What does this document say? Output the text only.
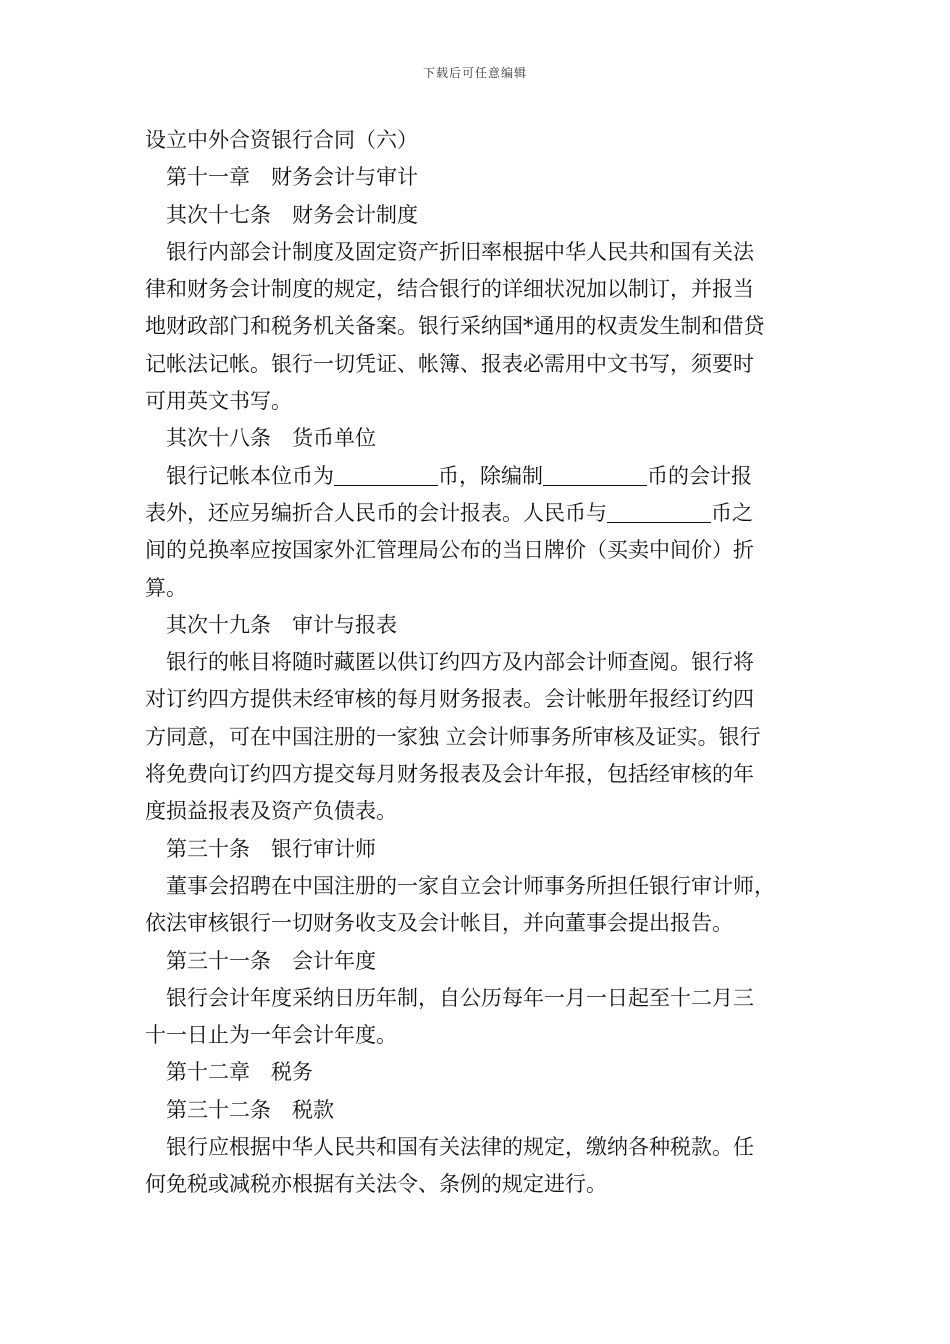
下载后可任意编辑
设立中外合资银行合同（六）
第十一章　财务会计与审计
其次十七条　财务会计制度
银行内部会计制度及固定资产折旧率根据中华人民共和国有关法
律和财务会计制度的规定，结合银行的详细状况加以制订，并报当
地财政部门和税务机关备案。银行采纳国*通用的权责发生制和借贷
记帐法记帐。银行一切凭证、帐簿、报表必需用中文书写，须要时
可用英文书写。
其次十八条　货币单位
银行记帐本位币为	币，除编制	币的会计报
表外，还应另编折合人民币的会计报表。人民币与	币之
间的兑换率应按国家外汇管理局公布的当日牌价（买卖中间价）折
算。
其次十九条　审计与报表
银行的帐目将随时藏匿以供订约四方及内部会计师查阅。银行将
对订约四方提供未经审核的每月财务报表。会计帐册年报经订约四
方同意，可在中国注册的一家独 立会计师事务所审核及证实。银行
将免费向订约四方提交每月财务报表及会计年报，包括经审核的年
度损益报表及资产负债表。
第三十条　银行审计师
董事会招聘在中国注册的一家自立会计师事务所担任银行审计师，
依法审核银行一切财务收支及会计帐目，并向董事会提出报告。
第三十一条　会计年度
银行会计年度采纳日历年制，自公历每年一月一日起至十二月三
十一日止为一年会计年度。
第十二章　税务
第三十二条　税款
银行应根据中华人民共和国有关法律的规定，缴纳各种税款。任
何免税或减税亦根据有关法令、条例的规定进行。
